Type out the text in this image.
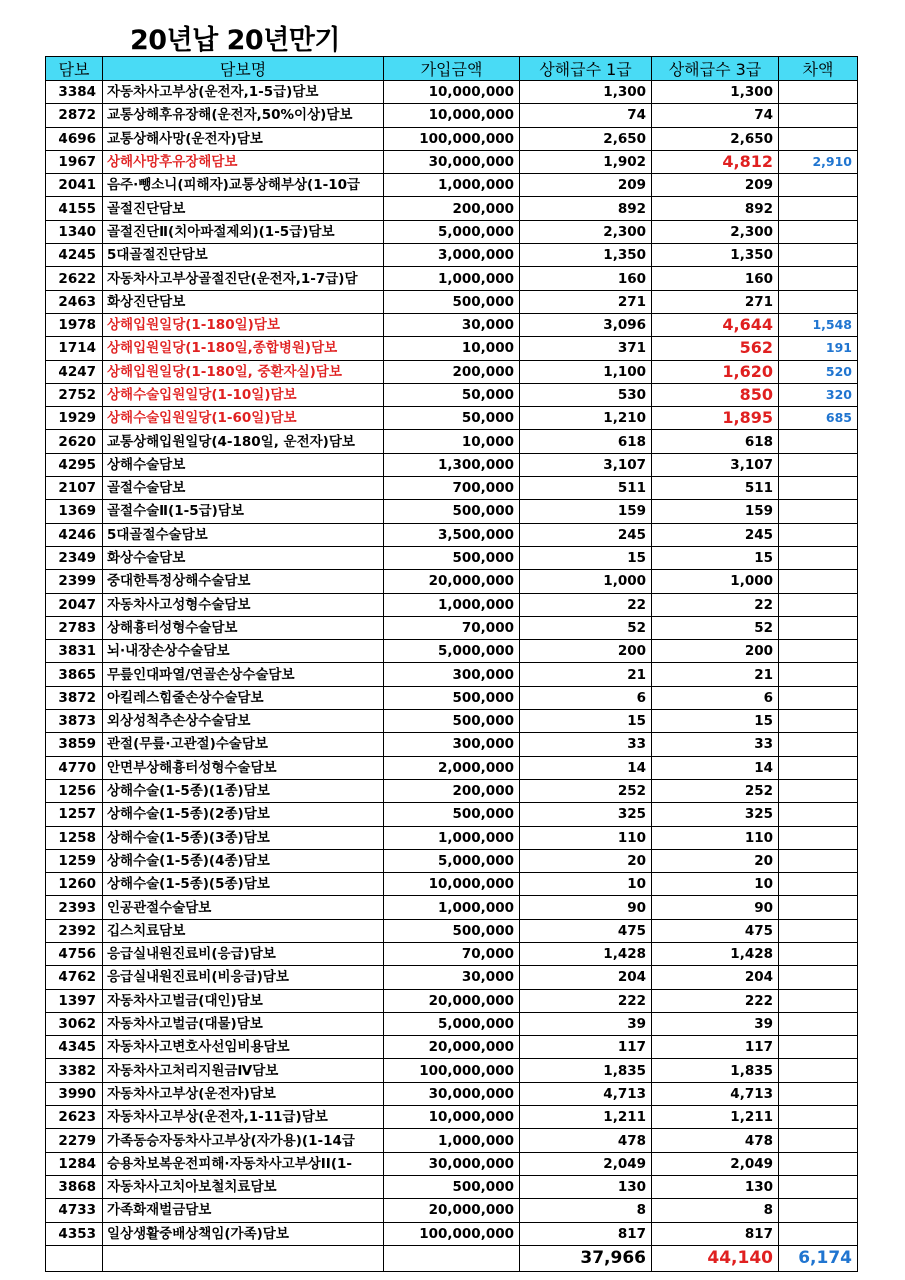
20년납 20년만기
담보	담보명	가입금액	상해급수 1급	상해급수 3급	차액
3384	자동차사고부상(운전자,1-5급)담보	10,000,000	1,300	1,300	
2872	교통상해후유장해(운전자,50%이상)담보	10,000,000	74	74	
4696	교통상해사망(운전자)담보	100,000,000	2,650	2,650	
1967	상해사망후유장해담보	30,000,000	1,902	4,812	2,910
2041	음주·뺑소니(피해자)교통상해부상(1-10급	1,000,000	209	209	
4155	골절진단담보	200,000	892	892	
1340	골절진단Ⅱ(치아파절제외)(1-5급)담보	5,000,000	2,300	2,300	
4245	5대골절진단담보	3,000,000	1,350	1,350	
2622	자동차사고부상골절진단(운전자,1-7급)담	1,000,000	160	160	
2463	화상진단담보	500,000	271	271	
1978	상해입원일당(1-180일)담보	30,000	3,096	4,644	1,548
1714	상해입원일당(1-180일,종합병원)담보	10,000	371	562	191
4247	상해입원일당(1-180일, 중환자실)담보	200,000	1,100	1,620	520
2752	상해수술입원일당(1-10일)담보	50,000	530	850	320
1929	상해수술입원일당(1-60일)담보	50,000	1,210	1,895	685
2620	교통상해입원일당(4-180일, 운전자)담보	10,000	618	618	
4295	상해수술담보	1,300,000	3,107	3,107	
2107	골절수술담보	700,000	511	511	
1369	골절수술Ⅱ(1-5급)담보	500,000	159	159	
4246	5대골절수술담보	3,500,000	245	245	
2349	화상수술담보	500,000	15	15	
2399	중대한특정상해수술담보	20,000,000	1,000	1,000	
2047	자동차사고성형수술담보	1,000,000	22	22	
2783	상해흉터성형수술담보	70,000	52	52	
3831	뇌·내장손상수술담보	5,000,000	200	200	
3865	무릎인대파열/연골손상수술담보	300,000	21	21	
3872	아킬레스힘줄손상수술담보	500,000	6	6	
3873	외상성척추손상수술담보	500,000	15	15	
3859	관절(무릎·고관절)수술담보	300,000	33	33	
4770	안면부상해흉터성형수술담보	2,000,000	14	14	
1256	상해수술(1-5종)(1종)담보	200,000	252	252	
1257	상해수술(1-5종)(2종)담보	500,000	325	325	
1258	상해수술(1-5종)(3종)담보	1,000,000	110	110	
1259	상해수술(1-5종)(4종)담보	5,000,000	20	20	
1260	상해수술(1-5종)(5종)담보	10,000,000	10	10	
2393	인공관절수술담보	1,000,000	90	90	
2392	깁스치료담보	500,000	475	475	
4756	응급실내원진료비(응급)담보	70,000	1,428	1,428	
4762	응급실내원진료비(비응급)담보	30,000	204	204	
1397	자동차사고벌금(대인)담보	20,000,000	222	222	
3062	자동차사고벌금(대물)담보	5,000,000	39	39	
4345	자동차사고변호사선임비용담보	20,000,000	117	117	
3382	자동차사고처리지원금Ⅳ담보	100,000,000	1,835	1,835	
3990	자동차사고부상(운전자)담보	30,000,000	4,713	4,713	
2623	자동차사고부상(운전자,1-11급)담보	10,000,000	1,211	1,211	
2279	가족동승자동차사고부상(자가용)(1-14급	1,000,000	478	478	
1284	승용차보복운전피해·자동차사고부상II(1-	30,000,000	2,049	2,049	
3868	자동차사고치아보철치료담보	500,000	130	130	
4733	가족화재벌금담보	20,000,000	8	8	
4353	일상생활중배상책임(가족)담보	100,000,000	817	817	
			37,966	44,140	6,174
